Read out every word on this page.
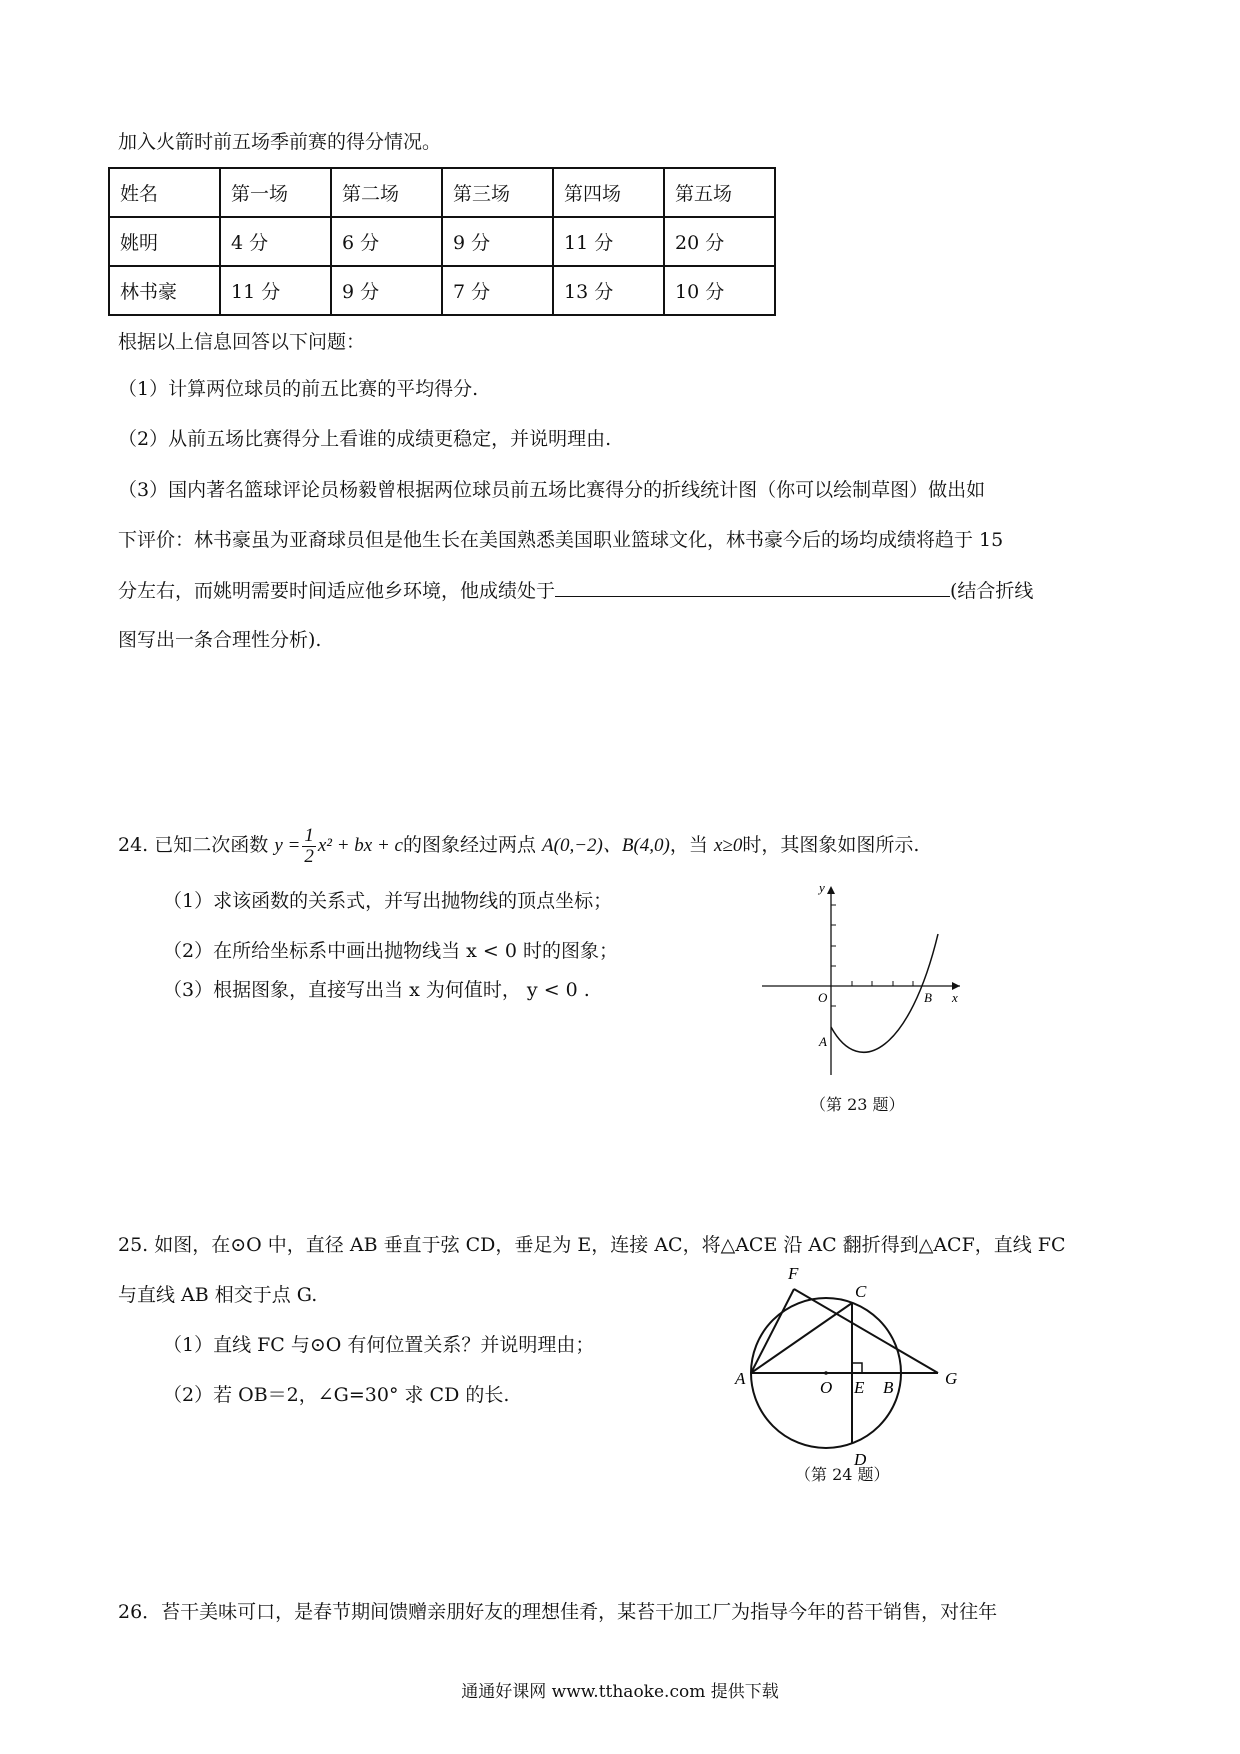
加入火箭时前五场季前赛的得分情况。
姓名	第一场	第二场	第三场	第四场	第五场
姚明	4 分	6 分	9 分	11 分	20 分
林书豪	11 分	9 分	7 分	13 分	10 分
根据以上信息回答以下问题：
（1）计算两位球员的前五比赛的平均得分.
（2）从前五场比赛得分上看谁的成绩更稳定，并说明理由.
（3）国内著名篮球评论员杨毅曾根据两位球员前五场比赛得分的折线统计图（你可以绘制草图）做出如
下评价：林书豪虽为亚裔球员但是他生长在美国熟悉美国职业篮球文化，林书豪今后的场均成绩将趋于 15
分左右，而姚明需要时间适应他乡环境，他成绩处于	(结合折线
图写出一条合理性分析).
24. 已知二次函数 $y = \frac{1}{2} x^2$ + bx + c的图象经过两点 A(0,−2)、B(4,0)，当 x≥0时，其图象如图所示.
（1）求该函数的关系式，并写出抛物线的顶点坐标；
（2）在所给坐标系中画出抛物线当 x < 0 时的图象；
（3）根据图象，直接写出当 x 为何值时， y < 0 .
y
x
O	B
A
（第 23 题）
25. 如图，在⊙O 中，直径 AB 垂直于弦 CD，垂足为 E，连接 AC，将△ACE 沿 AC 翻折得到△ACF，直线 FC
与直线 AB 相交于点 G.
（1）直线 FC 与⊙O 有何位置关系？并说明理由；
（2）若 OB＝2，∠G=30° 求 CD 的长.
F
C
A	O E B	G
D
（第 24 题）
26．苔干美味可口，是春节期间馈赠亲朋好友的理想佳肴，某苔干加工厂为指导今年的苔干销售，对往年
通通好课网 www.tthaoke.com 提供下载
